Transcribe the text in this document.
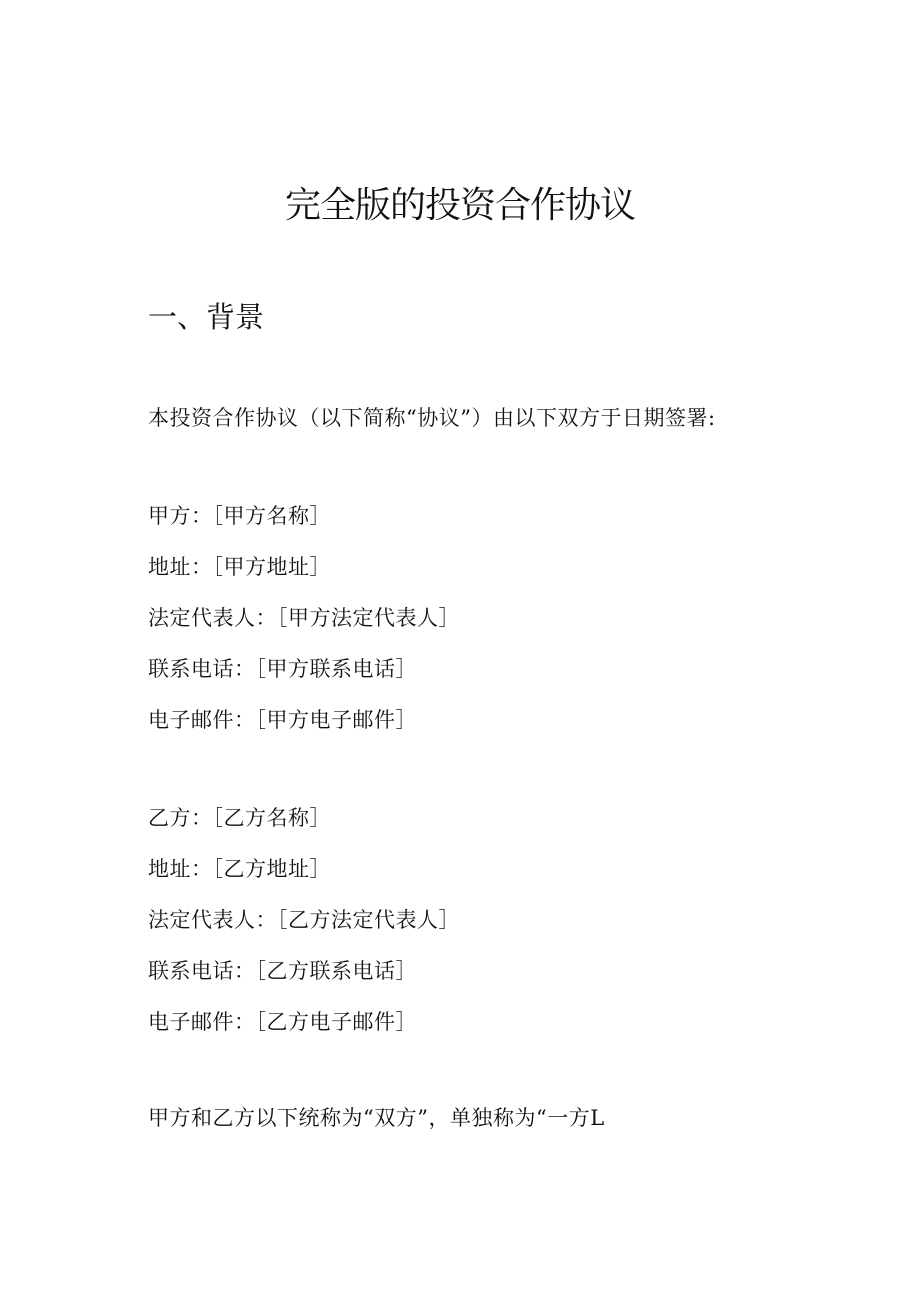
完全版的投资合作协议
一、背景
本投资合作协议（以下简称“协议”）由以下双方于日期签署:
甲方：［甲方名称］
地址：［甲方地址］
法定代表人：［甲方法定代表人］
联系电话：［甲方联系电话］
电子邮件：［甲方电子邮件］
乙方：［乙方名称］
地址：［乙方地址］
法定代表人：［乙方法定代表人］
联系电话：［乙方联系电话］
电子邮件：［乙方电子邮件］
甲方和乙方以下统称为“双方”，单独称为“一方L
